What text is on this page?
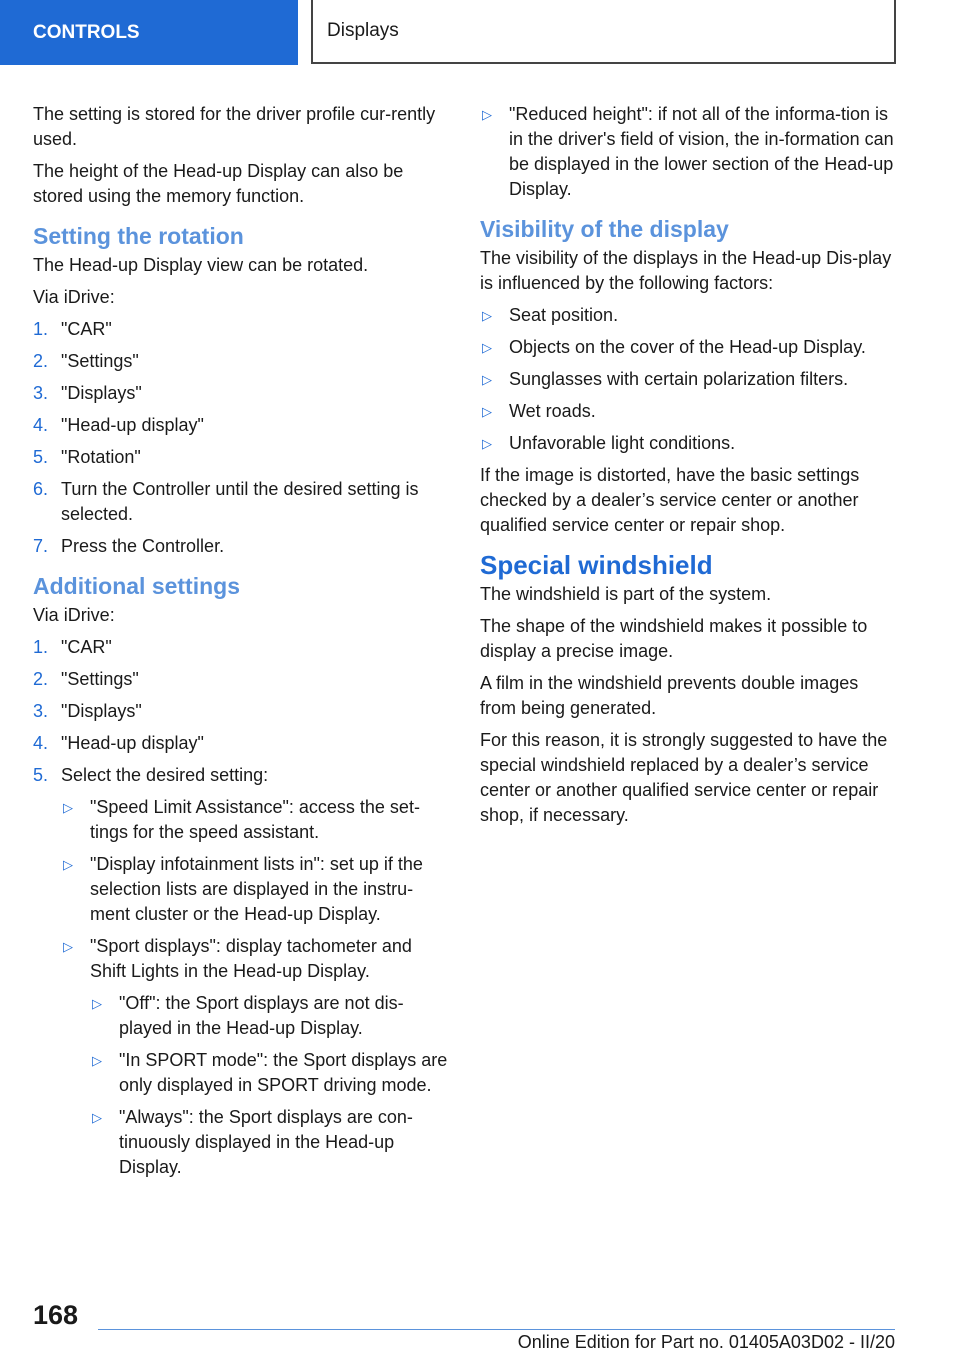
CONTROLS	Displays

The setting is stored for the driver profile cur-rently used.

The height of the Head-up Display can also be stored using the memory function.

Setting the rotation

The Head-up Display view can be rotated.

Via iDrive:

1. "CAR"
2. "Settings"
3. "Displays"
4. "Head-up display"
5. "Rotation"
6. Turn the Controller until the desired setting is selected.
7. Press the Controller.
Additional settings

Via iDrive:

1. "CAR"
2. "Settings"
3. "Displays"
4. "Head-up display"
5. Select the desired setting:
▷ "Speed Limit Assistance": access the set-tings for the speed assistant.
▷ "Display infotainment lists in": set up if the selection lists are displayed in the instru-ment cluster or the Head-up Display.
▷ "Sport displays": display tachometer and Shift Lights in the Head-up Display.
▷ "Off": the Sport displays are not dis-played in the Head-up Display.
▷ "In SPORT mode": the Sport displays are only displayed in SPORT driving mode.
▷ "Always": the Sport displays are con-tinuously displayed in the Head-up Display.
▷ "Reduced height": if not all of the informa-tion is in the driver's field of vision, the in-formation can be displayed in the lower section of the Head-up Display.
Visibility of the display

The visibility of the displays in the Head-up Dis-play is influenced by the following factors:

▷ Seat position.
▷ Objects on the cover of the Head-up Display.
▷ Sunglasses with certain polarization filters.
▷ Wet roads.
▷ Unfavorable light conditions.

If the image is distorted, have the basic settings checked by a dealer’s service center or another qualified service center or repair shop.

Special windshield

The windshield is part of the system.

The shape of the windshield makes it possible to display a precise image.

A film in the windshield prevents double images from being generated.

For this reason, it is strongly suggested to have the special windshield replaced by a dealer’s service center or another qualified service center or repair shop, if necessary.

168
Online Edition for Part no. 01405A03D02 - II/20
